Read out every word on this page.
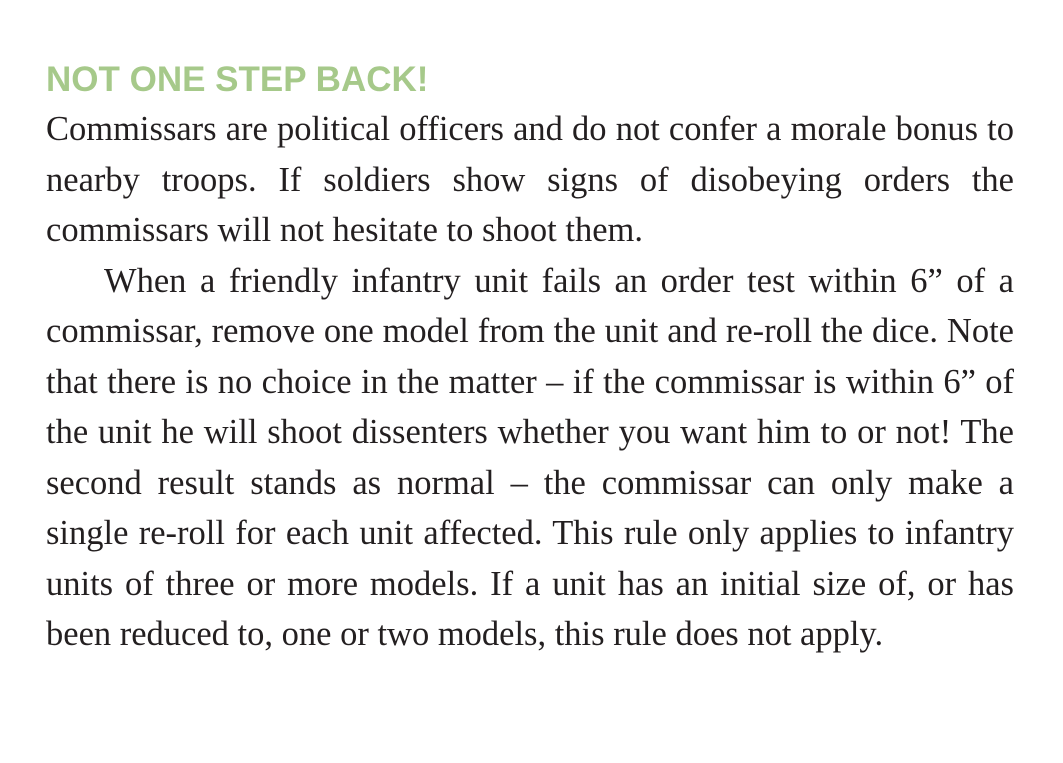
NOT ONE STEP BACK!

Commissars are political officers and do not confer a morale bonus to nearby troops. If soldiers show signs of disobeying orders the commissars will not hesitate to shoot them.

When a friendly infantry unit fails an order test within 6” of a commissar, remove one model from the unit and re-roll the dice. Note that there is no choice in the matter – if the commissar is within 6” of the unit he will shoot dissenters whether you want him to or not! The second result stands as normal – the commissar can only make a single re-roll for each unit affected. This rule only applies to infantry units of three or more models. If a unit has an initial size of, or has been reduced to, one or two models, this rule does not apply.
